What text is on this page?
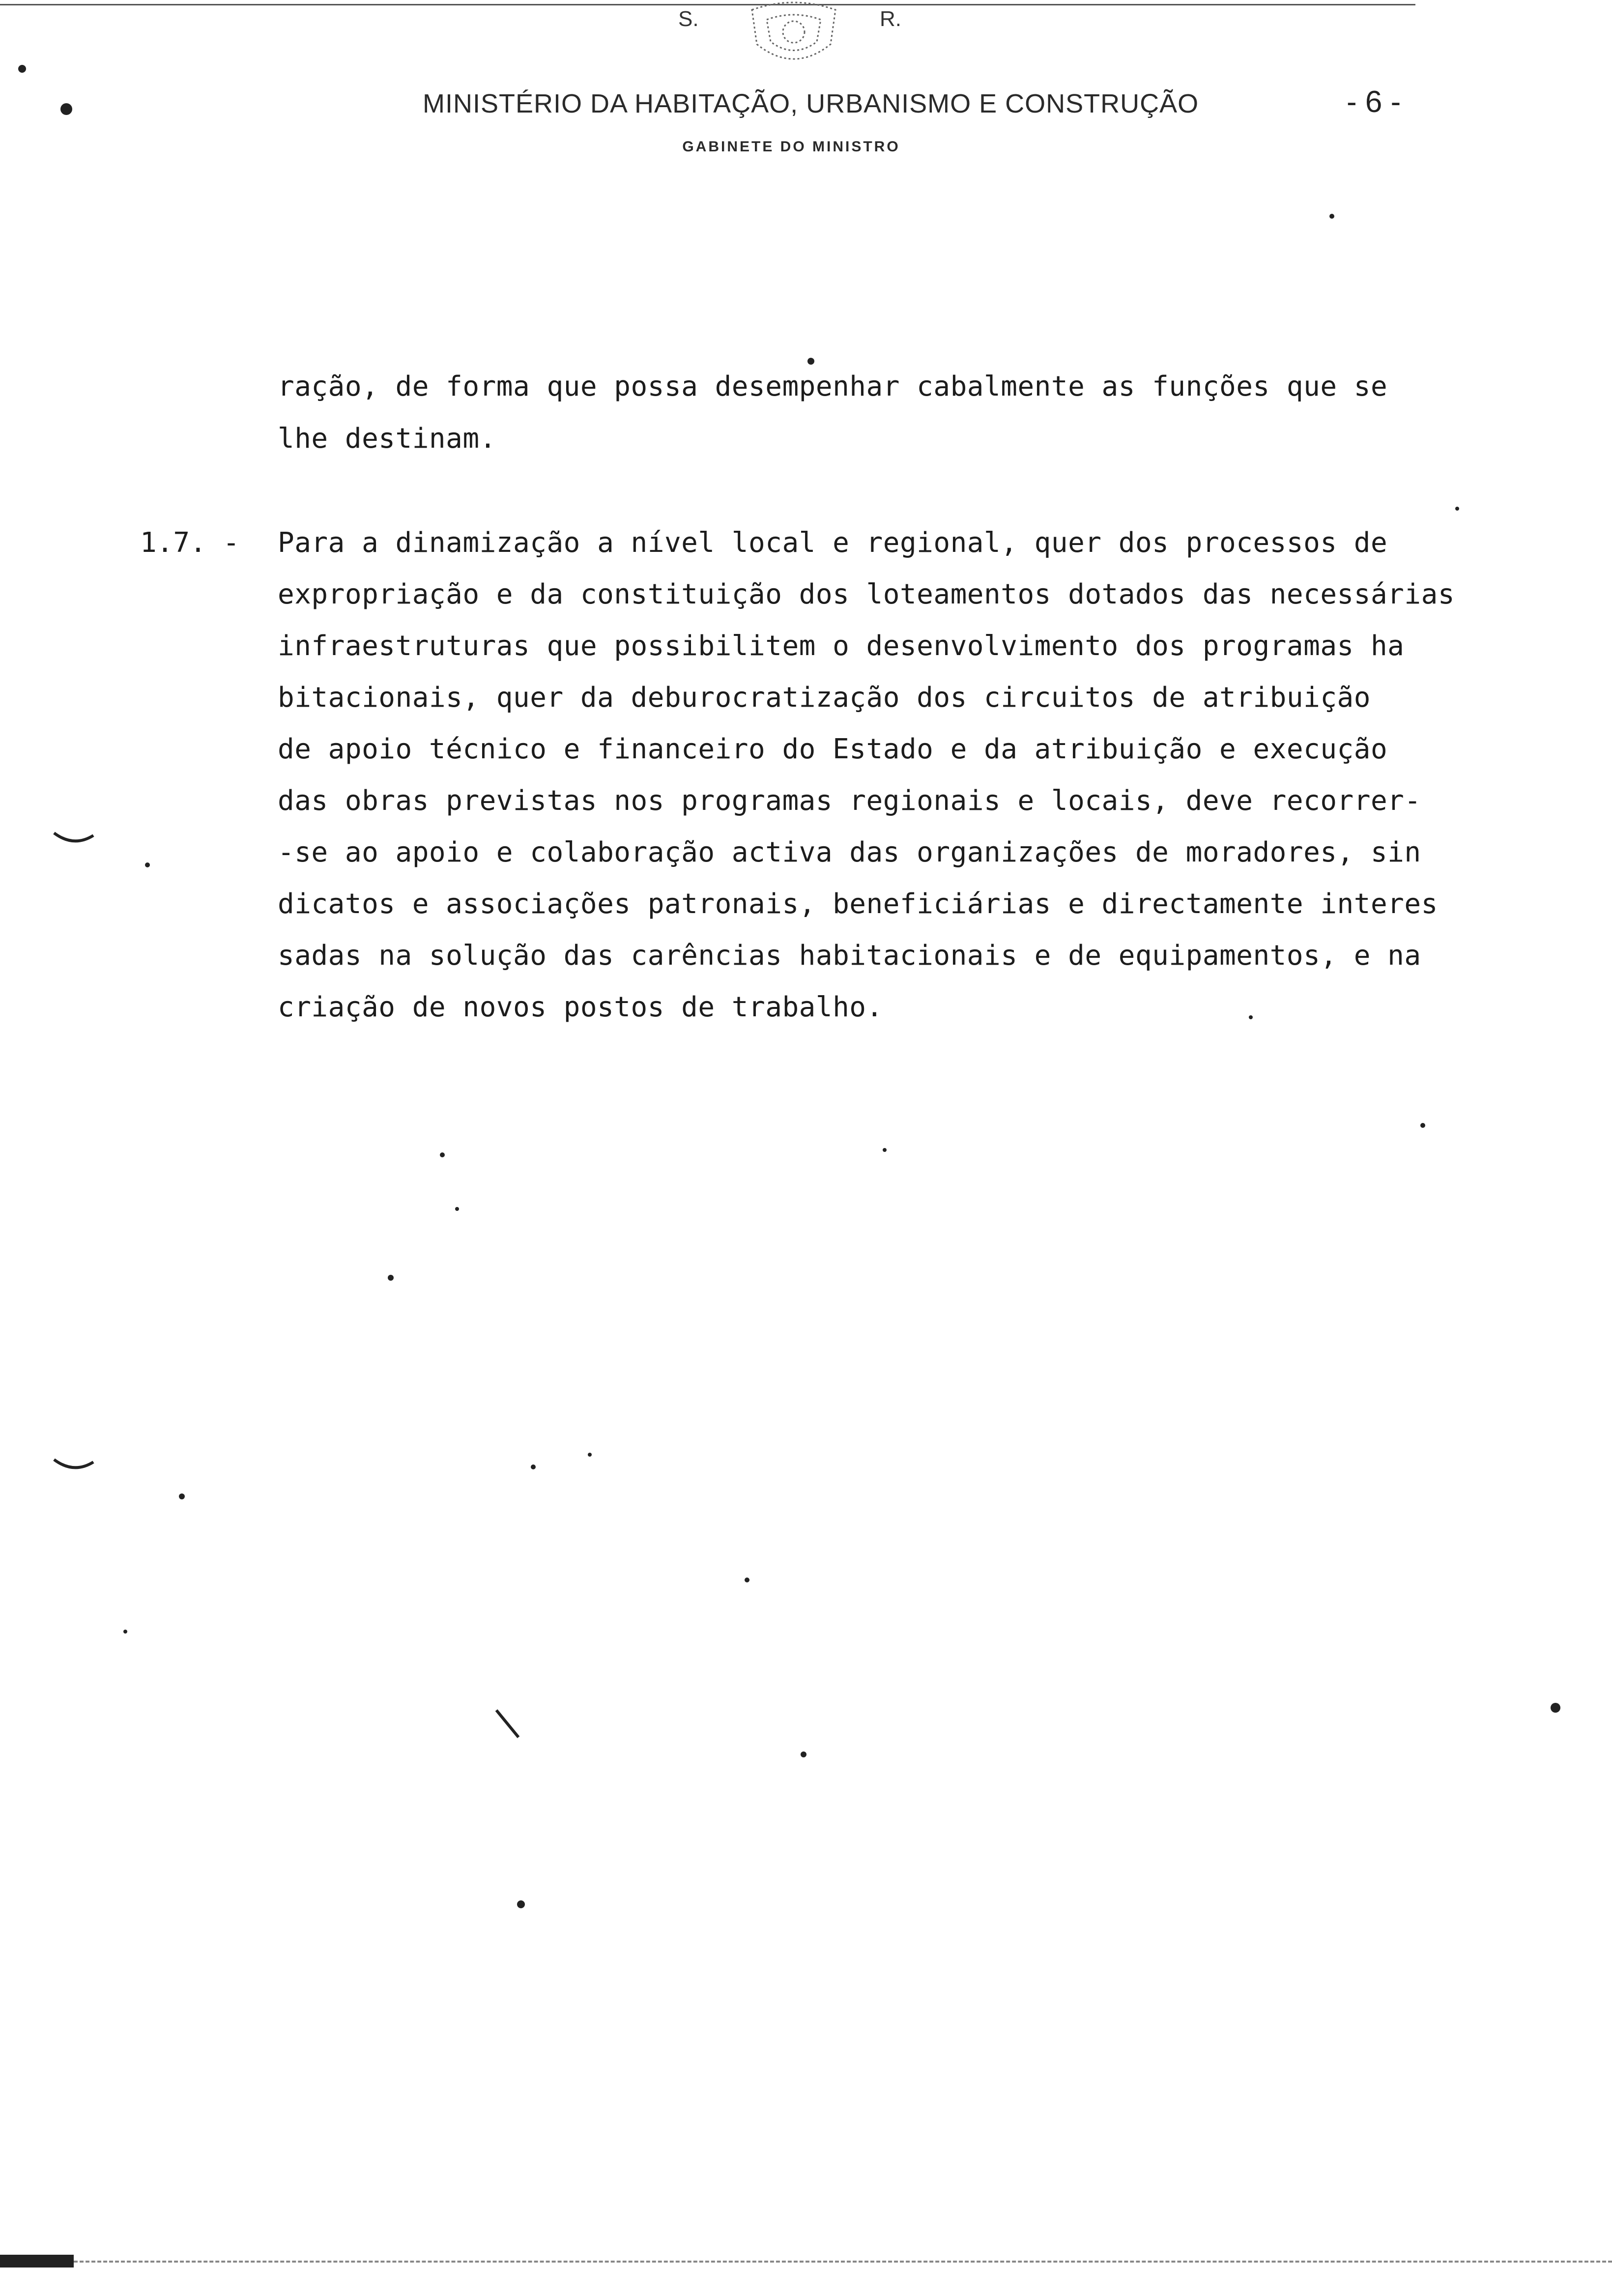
S.	R.
MINISTÉRIO DA HABITAÇÃO, URBANISMO E CONSTRUÇÃO
GABINETE DO MINISTRO
- 6 -
ração, de forma que possa desempenhar cabalmente as funções que se
lhe destinam.
1.7. - Para a dinamização a nível local e regional, quer dos processos de
expropriação e da constituição dos loteamentos dotados das necessárias
infraestruturas que possibilitem o desenvolvimento dos programas ha
bitacionais, quer da deburocratização dos circuitos de atribuição
de apoio técnico e financeiro do Estado e da atribuição e execução
das obras previstas nos programas regionais e locais, deve recorrer-
-se ao apoio e colaboração activa das organizações de moradores, sin
dicatos e associações patronais, beneficiárias e directamente interes
sadas na solução das carências habitacionais e de equipamentos, e na
criação de novos postos de trabalho.
